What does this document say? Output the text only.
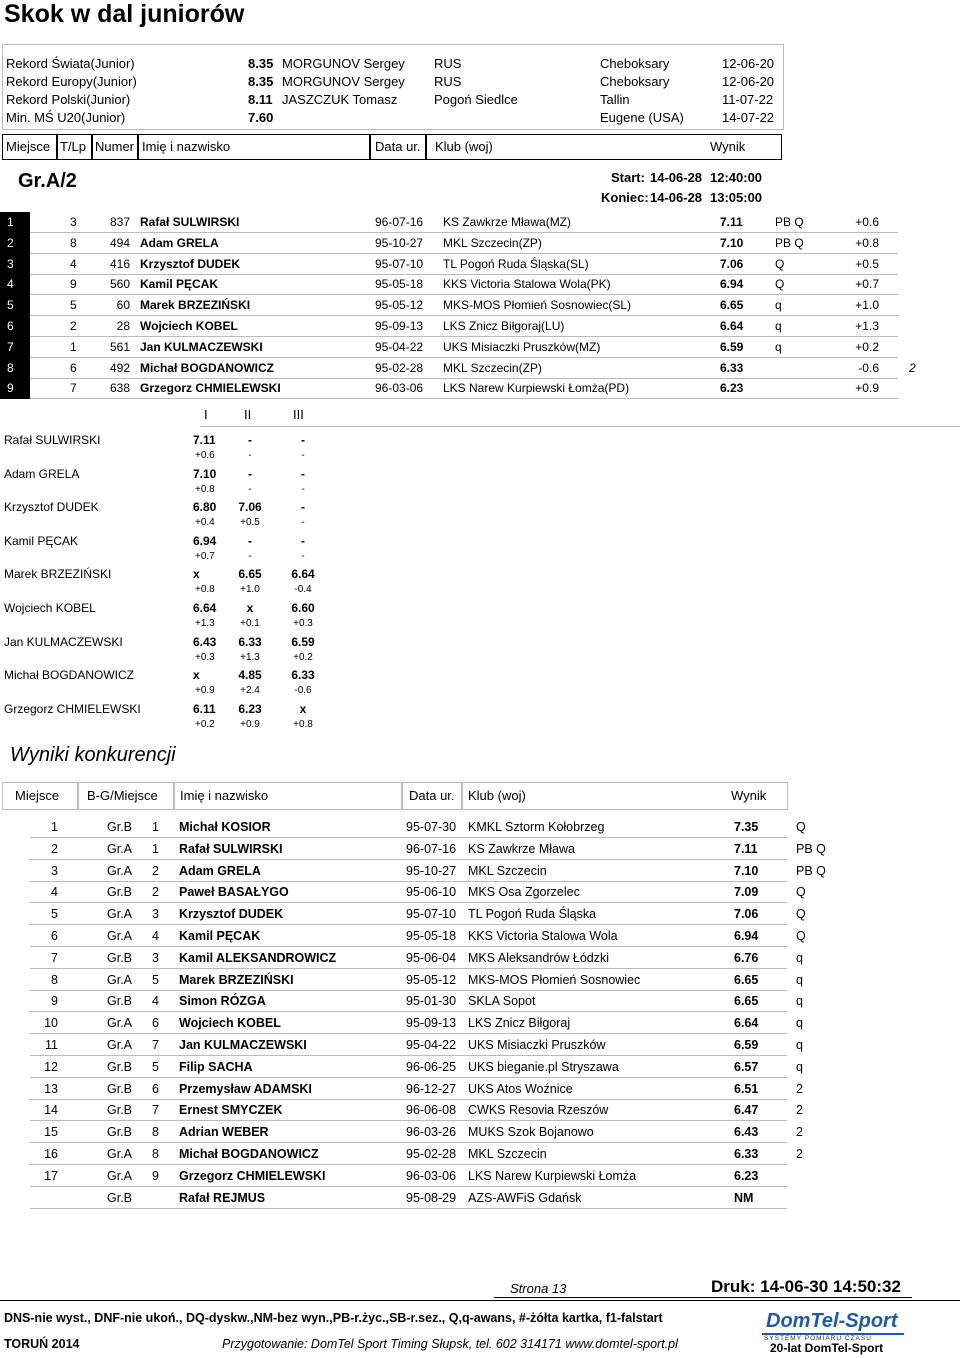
Skok w dal juniorów
Rekord Świata(Junior)	8.35 MORGUNOV Sergey RUS	Cheboksary	12-06-20
Rekord Europy(Junior)	8.35 MORGUNOV Sergey RUS	Cheboksary	12-06-20
Rekord Polski(Junior)	8.11 JASZCZUK Tomasz	Pogoń Siedlce	Tallin	11-07-22
Min. MŚ U20(Junior)	7.60	Eugene (USA)	14-07-22
Miejsce T/Lp Numer Imię i nazwisko	Data ur. Klub (woj)	Wynik
Gr.A/2	Start: 14-06-28 12:40:00
Koniec: 14-06-28 13:05:00
1	3	837 Rafał SULWIRSKI	96-07-16 KS Zawkrze Mława(MZ)	7.11	PB Q	+0.6
2	8	494 Adam GRELA	95-10-27 MKL Szczecin(ZP)	7.10	PB Q	+0.8
3	4	416 Krzysztof DUDEK	95-07-10 TL Pogoń Ruda Śląska(SL)	7.06	Q	+0.5
4	9	560 Kamil PĘCAK	95-05-18 KKS Victoria Stalowa Wola(PK)	6.94	Q	+0.7
5	5	60 Marek BRZEZIŃSKI	95-05-12 MKS-MOS Płomień Sosnowiec(SL)	6.65	q	+1.0
6	2	28 Wojciech KOBEL	95-09-13 LKS Znicz Biłgoraj(LU)	6.64	q	+1.3
7	1	561 Jan KULMACZEWSKI	95-04-22 UKS Misiaczki Pruszków(MZ)	6.59	q	+0.2
8	6	492 Michał BOGDANOWICZ	95-02-28 MKL Szczecin(ZP)	6.33	-0.6	2
9	7	638 Grzegorz CHMIELEWSKI	96-03-06 LKS Narew Kurpiewski Łomża(PD)	6.23	+0.9
I	II	III
Rafał SULWIRSKI	7.11	-	-
+0.6	-	-
Adam GRELA	7.10	-	-
+0.8	-	-
Krzysztof DUDEK	6.80	7.06	-
+0.4	+0.5	-
Kamil PĘCAK	6.94	-	-
+0.7	-	-
Marek BRZEZIŃSKI	x	6.65	6.64
+0.8	+1.0	-0.4
Wojciech KOBEL	6.64	x	6.60
+1.3	+0.1	+0.3
Jan KULMACZEWSKI	6.43	6.33	6.59
+0.3	+1.3	+0.2
Michał BOGDANOWICZ	x	4.85	6.33
+0.9	+2.4	-0.6
Grzegorz CHMIELEWSKI	6.11	6.23	x
+0.2	+0.9	+0.8
Wyniki konkurencji
Miejsce B-G/Miejsce Imię i nazwisko	Data ur. Klub (woj)	Wynik
1	Gr.B 1 Michał KOSIOR	95-07-30 KMKL Sztorm Kołobrzeg	7.35	Q
2	Gr.A 1 Rafał SULWIRSKI	96-07-16 KS Zawkrze Mława	7.11	PB Q
3	Gr.A 2 Adam GRELA	95-10-27 MKL Szczecin	7.10	PB Q
4	Gr.B 2 Paweł BASAŁYGO	95-06-10 MKS Osa Zgorzelec	7.09	Q
5	Gr.A 3 Krzysztof DUDEK	95-07-10 TL Pogoń Ruda Śląska	7.06	Q
6	Gr.A 4 Kamil PĘCAK	95-05-18 KKS Victoria Stalowa Wola	6.94	Q
7	Gr.B 3 Kamil ALEKSANDROWICZ	95-06-04 MKS Aleksandrów Łódzki	6.76	q
8	Gr.A 5 Marek BRZEZIŃSKI	95-05-12 MKS-MOS Płomień Sosnowiec	6.65	q
9	Gr.B 4 Simon RÓZGA	95-01-30 SKLA Sopot	6.65	q
10	Gr.A 6 Wojciech KOBEL	95-09-13 LKS Znicz Biłgoraj	6.64	q
11	Gr.A 7 Jan KULMACZEWSKI	95-04-22 UKS Misiaczki Pruszków	6.59	q
12	Gr.B 5 Filip SACHA	96-06-25 UKS bieganie.pl Stryszawa	6.57	q
13	Gr.B 6 Przemysław ADAMSKI	96-12-27 UKS Atos Woźnice	6.51	2
14	Gr.B 7 Ernest SMYCZEK	96-06-08 CWKS Resovia Rzeszów	6.47	2
15	Gr.B 8 Adrian WEBER	96-03-26 MUKS Szok Bojanowo	6.43	2
16	Gr.A 8 Michał BOGDANOWICZ	95-02-28 MKL Szczecin	6.33	2
17	Gr.A 9 Grzegorz CHMIELEWSKI	96-03-06 LKS Narew Kurpiewski Łomża	6.23
Gr.B	Rafał REJMUS	95-08-29 AZS-AWFiS Gdańsk	NM
Strona 13	Druk: 14-06-30 14:50:32
DNS-nie wyst., DNF-nie ukoń., DQ-dyskw.,NM-bez wyn.,PB-r.życ.,SB-r.sez., Q,q-awans, #-żółta kartka, f1-falstart
TORUŃ 2014	Przygotowanie: DomTel Sport Timing Słupsk, tel. 602 314171 www.domtel-sport.pl
DomTel-Sport
SYSTEMY POMIARU CZASU
20-lat DomTel-Sport
